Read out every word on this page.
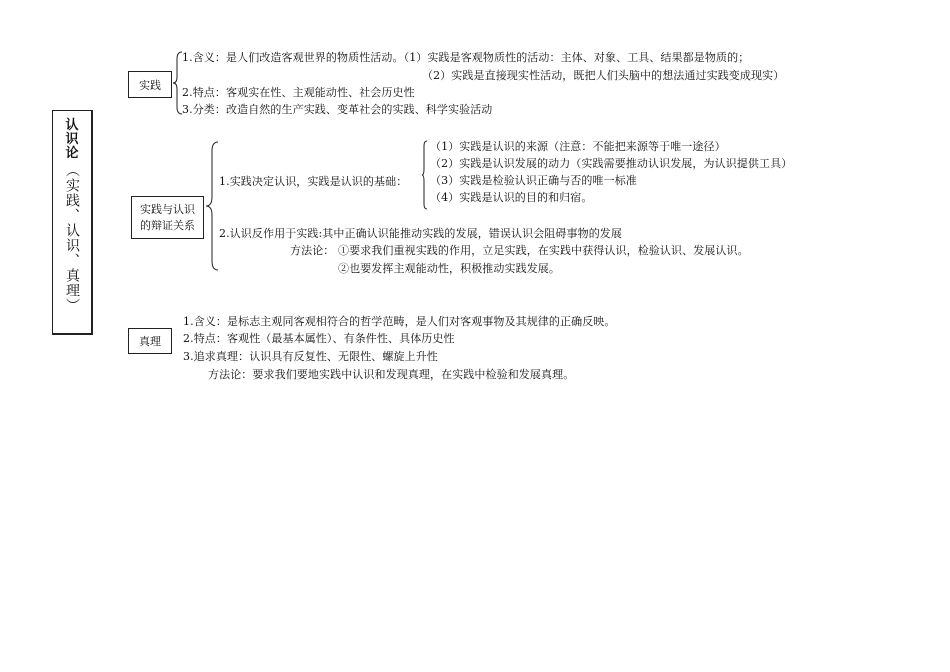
认识论
（实践、认识、真理）
实践
1.含义：是人们改造客观世界的物质性活动。（1）实践是客观物质性的活动：主体、对象、工具、结果都是物质的；
（2）实践是直接现实性活动，既把人们头脑中的想法通过实践变成现实）
2.特点：客观实在性、主观能动性、社会历史性
3.分类：改造自然的生产实践、变革社会的实践、科学实验活动
实践与认识
的辩证关系
1.实践决定认识，实践是认识的基础：
（1）实践是认识的来源（注意：不能把来源等于唯一途径）
（2）实践是认识发展的动力（实践需要推动认识发展，为认识提供工具）
（3）实践是检验认识正确与否的唯一标准
（4）实践是认识的目的和归宿。
2.认识反作用于实践:其中正确认识能推动实践的发展，错误认识会阻碍事物的发展
方法论： ①要求我们重视实践的作用，立足实践，在实践中获得认识，检验认识、发展认识。
②也要发挥主观能动性，积极推动实践发展。
真理
1.含义：是标志主观同客观相符合的哲学范畴，是人们对客观事物及其规律的正确反映。
2.特点：客观性（最基本属性）、有条件性、具体历史性
3.追求真理：认识具有反复性、无限性、螺旋上升性
方法论：要求我们要地实践中认识和发现真理，在实践中检验和发展真理。
